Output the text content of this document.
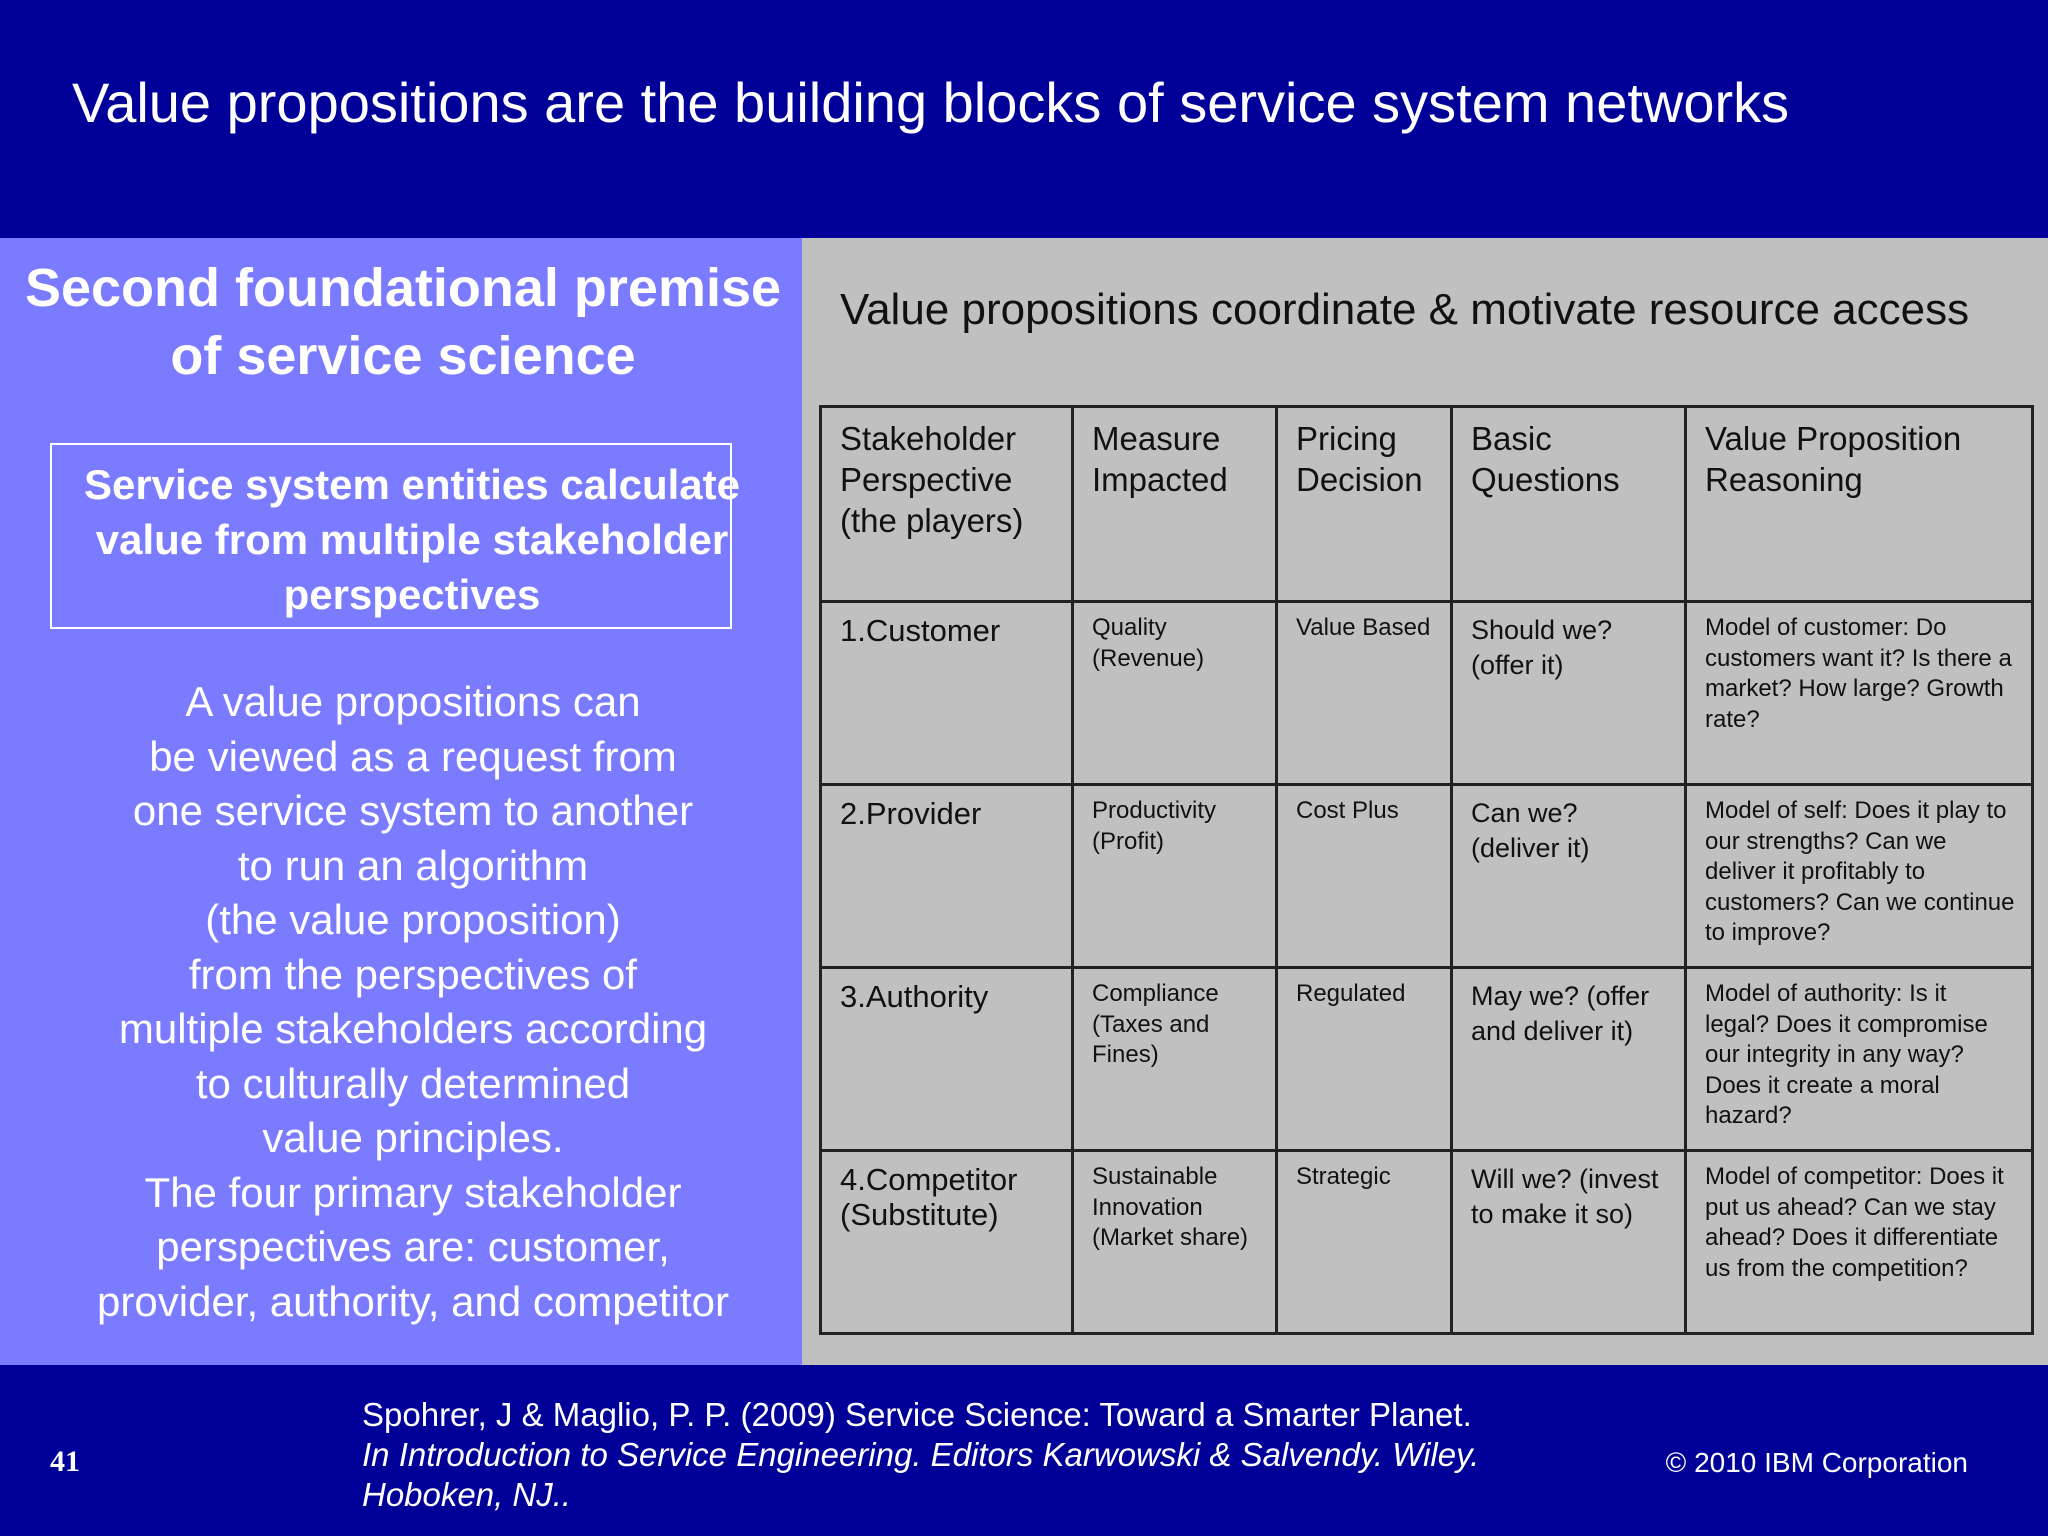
Value propositions are the building blocks of service system networks
Second foundational premise of service science
Service system entities calculate value from multiple stakeholder perspectives
A value propositions can
be viewed as a request from
one service system to another
to run an algorithm
(the value proposition)
from the perspectives of
multiple stakeholders according
to culturally determined
value principles.
The four primary stakeholder
perspectives are: customer,
provider, authority, and competitor
Value propositions coordinate & motivate resource access
Stakeholder Perspective (the players)	Measure Impacted	Pricing Decision	Basic Questions	Value Proposition Reasoning
1.Customer	Quality (Revenue)	Value Based	Should we? (offer it)	Model of customer: Do customers want it? Is there a market? How large? Growth rate?
2.Provider	Productivity (Profit)	Cost Plus	Can we? (deliver it)	Model of self: Does it play to our strengths? Can we deliver it profitably to customers? Can we continue to improve?
3.Authority	Compliance (Taxes and Fines)	Regulated	May we? (offer and deliver it)	Model of authority: Is it legal? Does it compromise our integrity in any way? Does it create a moral hazard?
4.Competitor (Substitute)	Sustainable Innovation (Market share)	Strategic	Will we? (invest to make it so)	Model of competitor: Does it put us ahead? Can we stay ahead? Does it differentiate us from the competition?
41
Spohrer, J & Maglio, P. P. (2009) Service Science: Toward a Smarter Planet.
In Introduction to Service Engineering. Editors Karwowski & Salvendy. Wiley. Hoboken, NJ..
© 2010 IBM Corporation
